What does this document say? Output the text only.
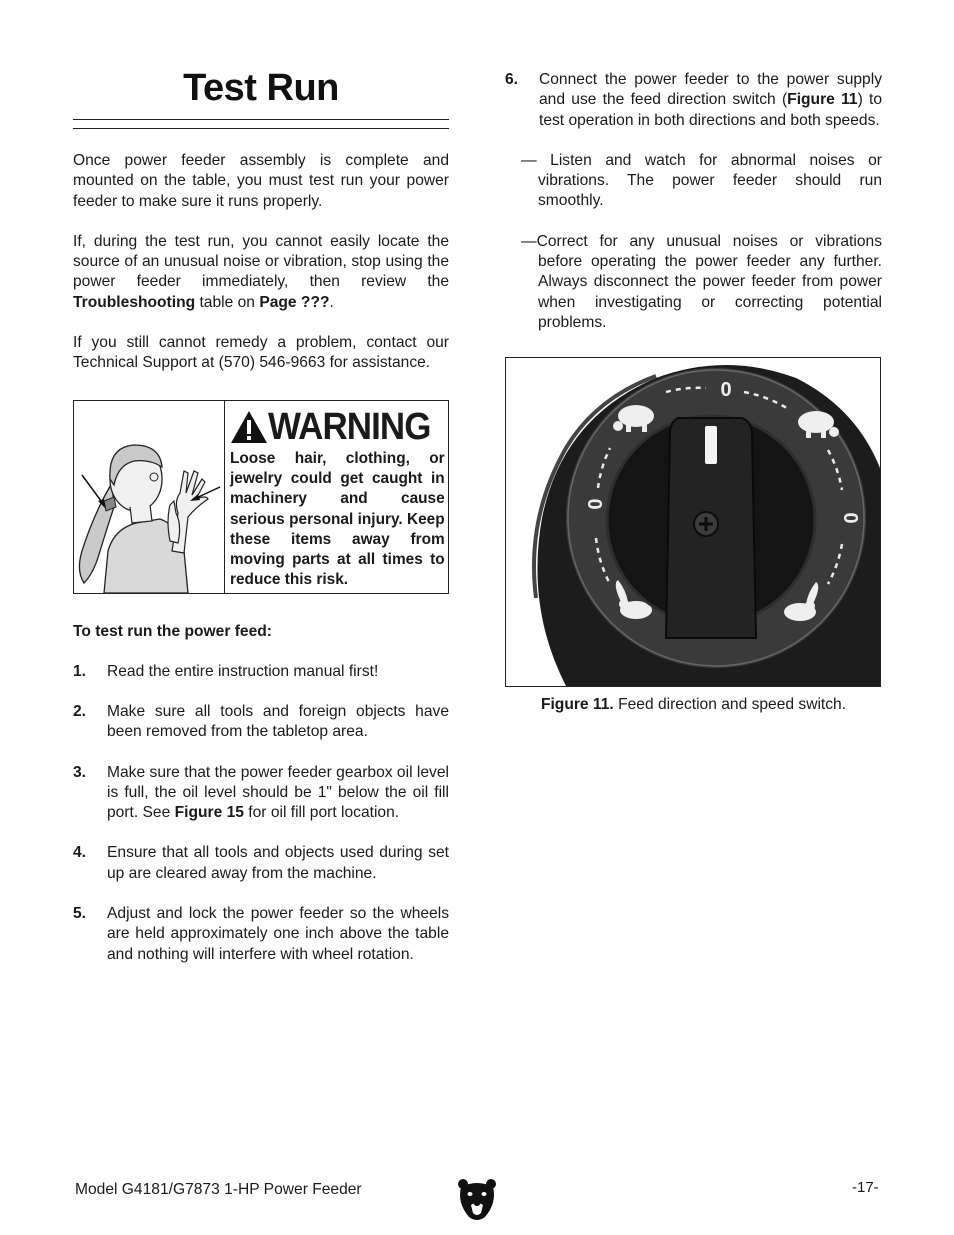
Test Run

Once power feeder assembly is complete and mounted on the table, you must test run your power feeder to make sure it runs properly.

If, during the test run, you cannot easily locate the source of an unusual noise or vibration, stop using the power feeder immediately, then review the Troubleshooting table on Page ???.

If you still cannot remedy a problem, contact our Technical Support at (570) 546-9663 for assistance.

WARNING
Loose hair, clothing, or jewelry could get caught in machinery and cause serious personal injury. Keep these items away from moving parts at all times to reduce this risk.
To test run the power feed:
1.	Read the entire instruction manual first!
2.	Make sure all tools and foreign objects have been removed from the tabletop area.
3.	Make sure that the power feeder gearbox oil level is full, the oil level should be 1" below the oil fill port. See Figure 15 for oil fill port location.
4.	Ensure that all tools and objects used during set up are cleared away from the machine.
5.	Adjust and lock the power feeder so the wheels are held approximately one inch above the table and nothing will interfere with wheel rotation.
6.	Connect the power feeder to the power supply and use the feed direction switch (Figure 11) to test operation in both directions and both speeds.
— Listen and watch for abnormal noises or vibrations. The power feeder should run smoothly.
—Correct for any unusual noises or vibrations before operating the power feeder any further. Always disconnect the power feeder from power when investigating or correcting potential problems.
0
0
0
Figure 11. Feed direction and speed switch.
Model G4181/G7873 1-HP Power Feeder	-17-
